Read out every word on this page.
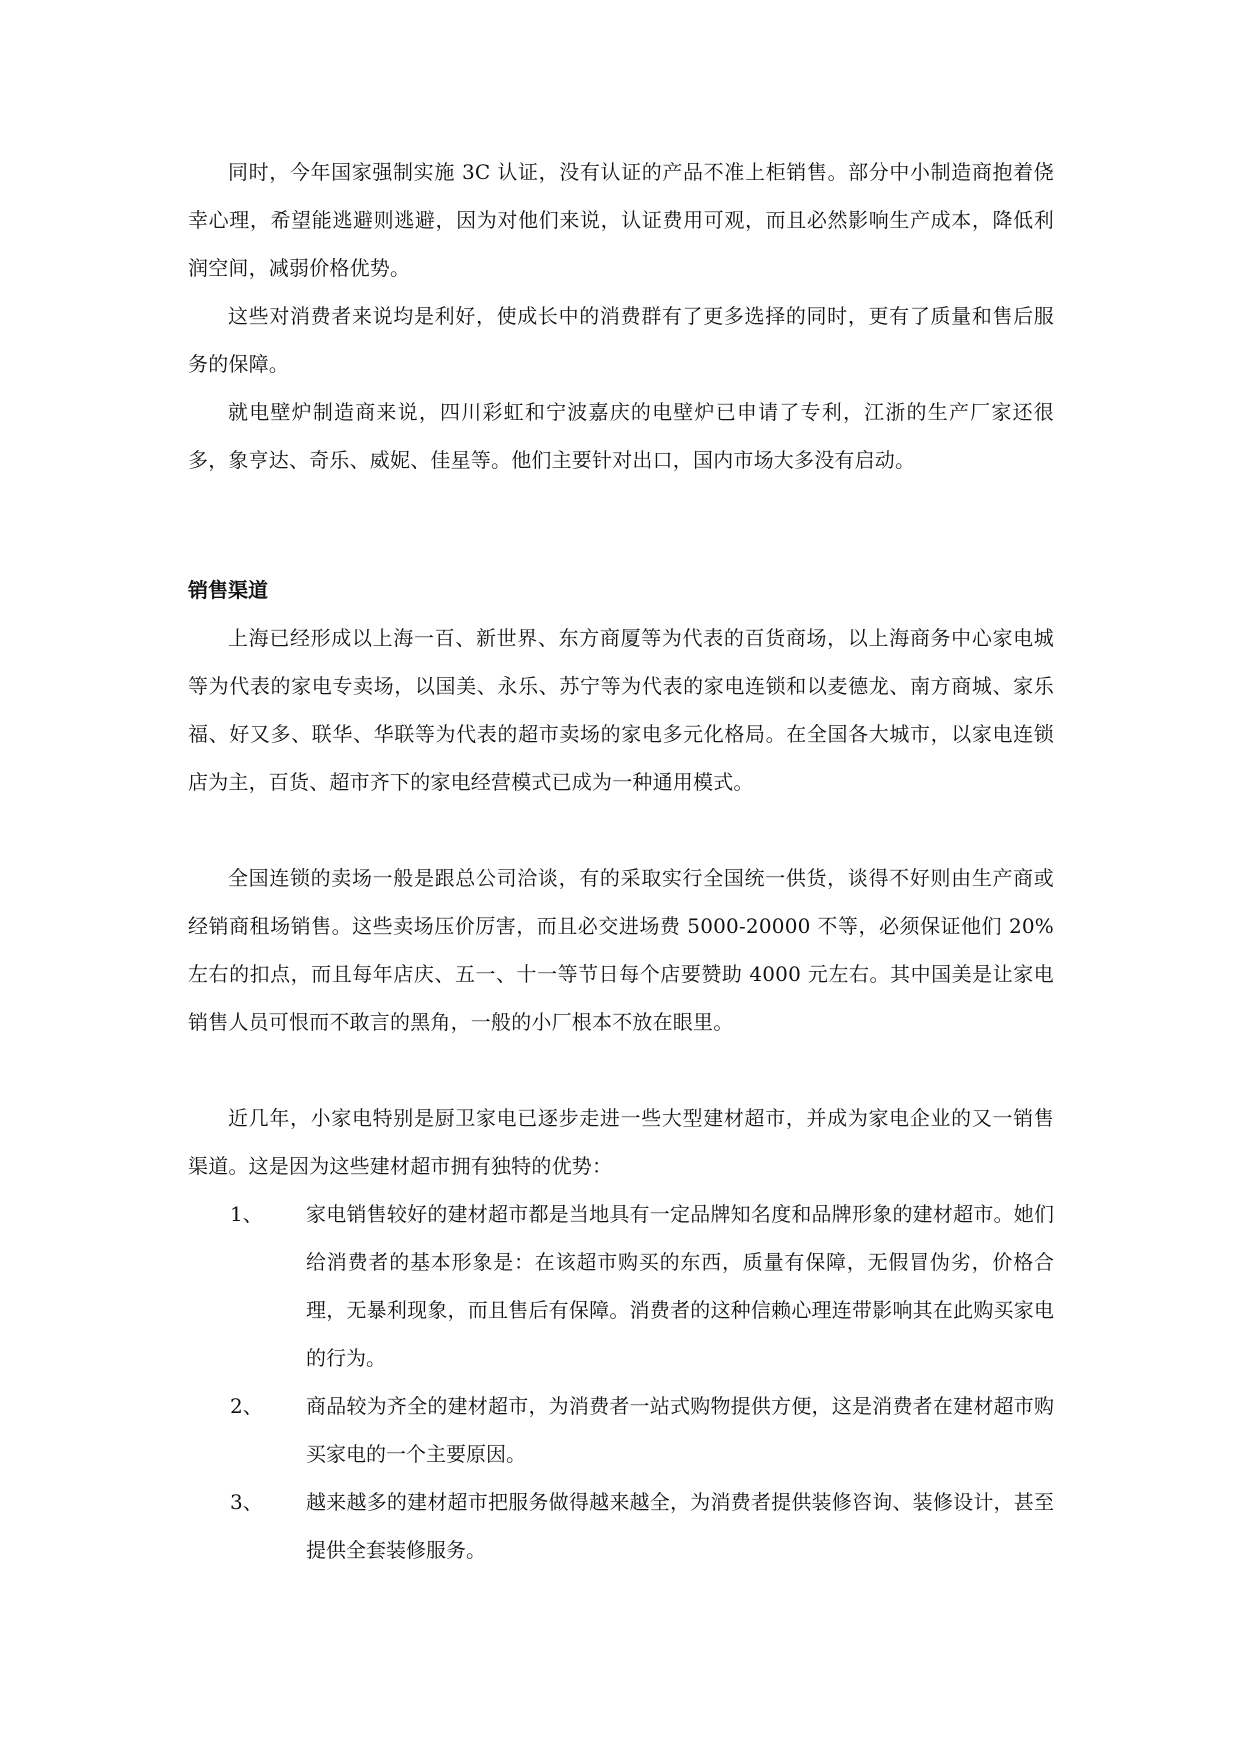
同时，今年国家强制实施 3C 认证，没有认证的产品不准上柜销售。部分中小制造商抱着侥幸心理，希望能逃避则逃避，因为对他们来说，认证费用可观，而且必然影响生产成本，降低利润空间，减弱价格优势。

这些对消费者来说均是利好，使成长中的消费群有了更多选择的同时，更有了质量和售后服务的保障。

就电壁炉制造商来说，四川彩虹和宁波嘉庆的电壁炉已申请了专利，江浙的生产厂家还很多，象亨达、奇乐、威妮、佳星等。他们主要针对出口，国内市场大多没有启动。

销售渠道

上海已经形成以上海一百、新世界、东方商厦等为代表的百货商场，以上海商务中心家电城等为代表的家电专卖场，以国美、永乐、苏宁等为代表的家电连锁和以麦德龙、南方商城、家乐福、好又多、联华、华联等为代表的超市卖场的家电多元化格局。在全国各大城市，以家电连锁店为主，百货、超市齐下的家电经营模式已成为一种通用模式。

全国连锁的卖场一般是跟总公司洽谈，有的采取实行全国统一供货，谈得不好则由生产商或经销商租场销售。这些卖场压价厉害，而且必交进场费 5000-20000 不等，必须保证他们 20%左右的扣点，而且每年店庆、五一、十一等节日每个店要赞助 4000 元左右。其中国美是让家电销售人员可恨而不敢言的黑角，一般的小厂根本不放在眼里。

近几年，小家电特别是厨卫家电已逐步走进一些大型建材超市，并成为家电企业的又一销售渠道。这是因为这些建材超市拥有独特的优势：

1、	家电销售较好的建材超市都是当地具有一定品牌知名度和品牌形象的建材超市。她们给消费者的基本形象是：在该超市购买的东西，质量有保障，无假冒伪劣，价格合理，无暴利现象，而且售后有保障。消费者的这种信赖心理连带影响其在此购买家电的行为。
2、	商品较为齐全的建材超市，为消费者一站式购物提供方便，这是消费者在建材超市购买家电的一个主要原因。
3、	越来越多的建材超市把服务做得越来越全，为消费者提供装修咨询、装修设计，甚至提供全套装修服务。
